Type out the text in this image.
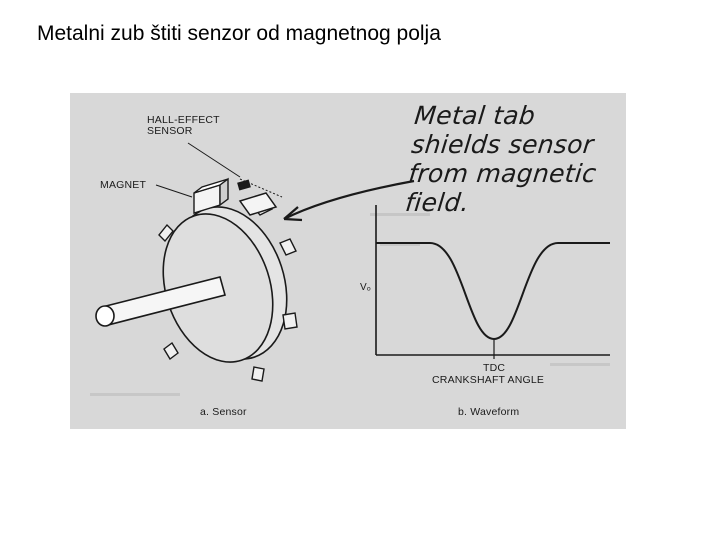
Metalni zub štiti senzor od magnetnog polja
HALL-EFFECT
SENSOR
MAGNET
Vₒ
TDC
CRANKSHAFT ANGLE
a. Sensor	b. Waveform
Metal tab
shields sensor
from magnetic
field.
